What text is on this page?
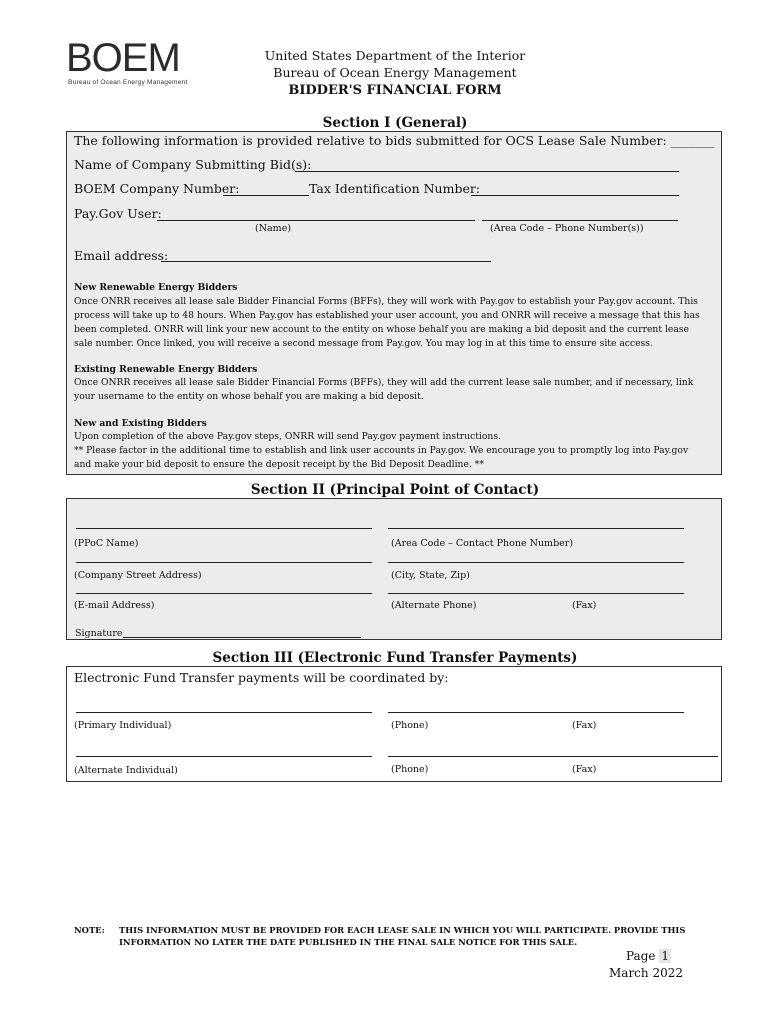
BOEM
Bureau of Ocean Energy Management
United States Department of the Interior
Bureau of Ocean Energy Management
BIDDER'S FINANCIAL FORM
Section I (General)
The following information is provided relative to bids submitted for OCS Lease Sale Number: _______
Name of Company Submitting Bid(s):
BOEM Company Number:	Tax Identification Number:
Pay.Gov User:
(Name)	(Area Code – Phone Number(s))
Email address:
New Renewable Energy Bidders
Once ONRR receives all lease sale Bidder Financial Forms (BFFs), they will work with Pay.gov to establish your Pay.gov account. This
process will take up to 48 hours. When Pay.gov has established your user account, you and ONRR will receive a message that this has
been completed. ONRR will link your new account to the entity on whose behalf you are making a bid deposit and the current lease
sale number. Once linked, you will receive a second message from Pay.gov. You may log in at this time to ensure site access.
Existing Renewable Energy Bidders
Once ONRR receives all lease sale Bidder Financial Forms (BFFs), they will add the current lease sale number, and if necessary, link
your username to the entity on whose behalf you are making a bid deposit.
New and Existing Bidders
Upon completion of the above Pay.gov steps, ONRR will send Pay.gov payment instructions.
** Please factor in the additional time to establish and link user accounts in Pay.gov. We encourage you to promptly log into Pay.gov
and make your bid deposit to ensure the deposit receipt by the Bid Deposit Deadline. **
Section II (Principal Point of Contact)
(PPoC Name)	(Area Code – Contact Phone Number)
(Company Street Address)	(City, State, Zip)
(E-mail Address)	(Alternate Phone)	(Fax)
Signature
Section III (Electronic Fund Transfer Payments)
Electronic Fund Transfer payments will be coordinated by:
(Primary Individual)	(Phone)	(Fax)
(Alternate Individual)	(Phone)	(Fax)
NOTE: THIS INFORMATION MUST BE PROVIDED FOR EACH LEASE SALE IN WHICH YOU WILL PARTICIPATE. PROVIDE THIS
INFORMATION NO LATER THE DATE PUBLISHED IN THE FINAL SALE NOTICE FOR THIS SALE.
Page 1
March 2022
